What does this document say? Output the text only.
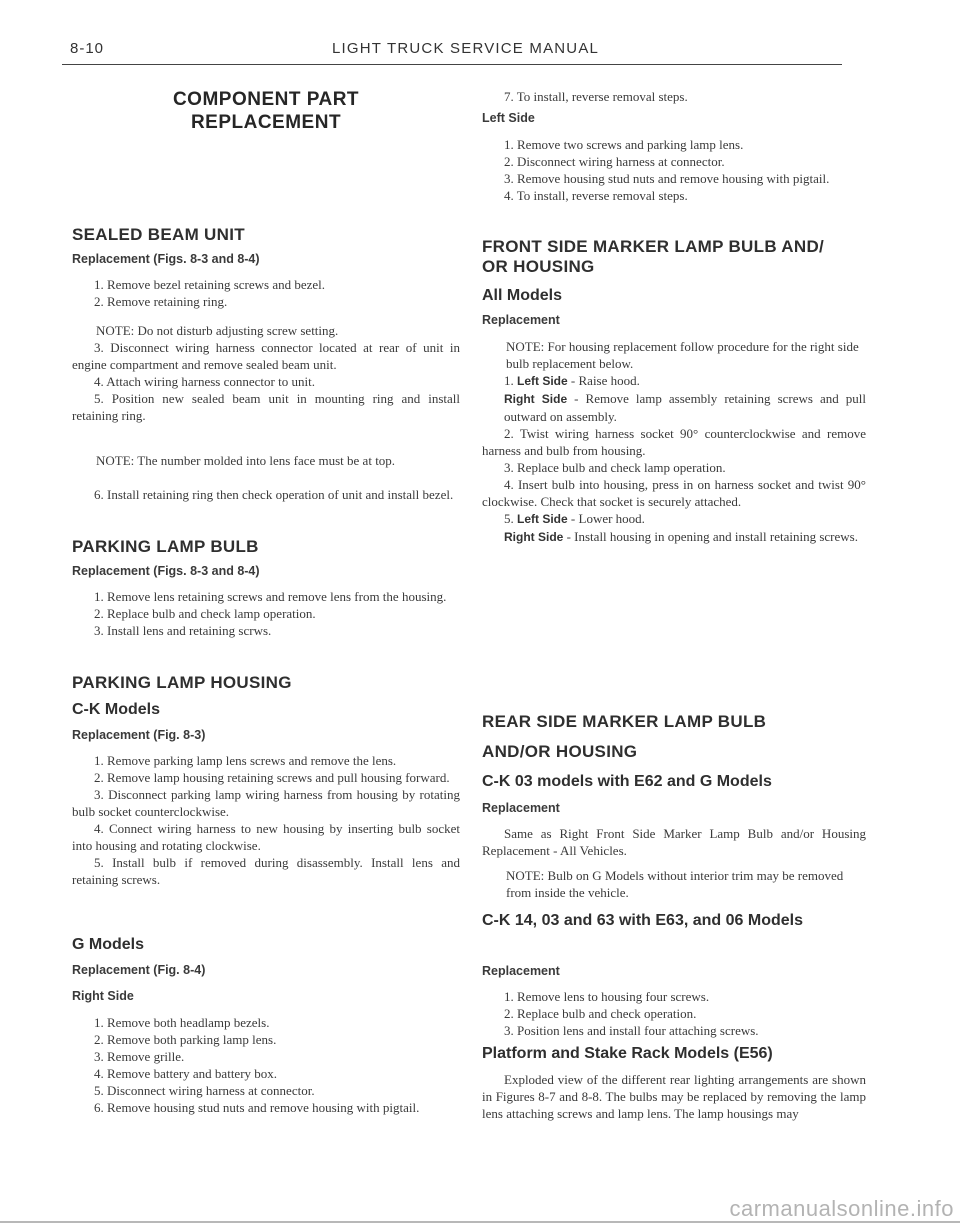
8-10	LIGHT TRUCK SERVICE MANUAL
COMPONENT PART
REPLACEMENT
SEALED BEAM UNIT
Replacement (Figs. 8-3 and 8-4)

1. Remove bezel retaining screws and bezel.

2. Remove retaining ring.

NOTE: Do not disturb adjusting screw setting.

3. Disconnect wiring harness connector located at rear of unit in engine compartment and remove sealed beam unit.

4. Attach wiring harness connector to unit.

5. Position new sealed beam unit in mounting ring and install retaining ring.

NOTE: The number molded into lens face must be at top.

6. Install retaining ring then check operation of unit and install bezel.

PARKING LAMP BULB
Replacement (Figs. 8-3 and 8-4)

1. Remove lens retaining screws and remove lens from the housing.

2. Replace bulb and check lamp operation.

3. Install lens and retaining scrws.

PARKING LAMP HOUSING
C-K Models
Replacement (Fig. 8-3)

1. Remove parking lamp lens screws and remove the lens.

2. Remove lamp housing retaining screws and pull housing forward.

3. Disconnect parking lamp wiring harness from housing by rotating bulb socket counterclockwise.

4. Connect wiring harness to new housing by inserting bulb socket into housing and rotating clockwise.

5. Install bulb if removed during disassembly. Install lens and retaining screws.

G Models
Replacement (Fig. 8-4)
Right Side

1. Remove both headlamp bezels.

2. Remove both parking lamp lens.

3. Remove grille.

4. Remove battery and battery box.

5. Disconnect wiring harness at connector.

6. Remove housing stud nuts and remove housing with pigtail.

7. To install, reverse removal steps.

Left Side

1. Remove two screws and parking lamp lens.

2. Disconnect wiring harness at connector.

3. Remove housing stud nuts and remove housing with pigtail.

4. To install, reverse removal steps.

FRONT SIDE MARKER LAMP BULB AND/
OR HOUSING
All Models
Replacement

NOTE: For housing replacement follow procedure for the right side bulb replacement below.

1. Left Side - Raise hood.

Right Side - Remove lamp assembly retaining screws and pull outward on assembly.

2. Twist wiring harness socket 90° counterclockwise and remove harness and bulb from housing.

3. Replace bulb and check lamp operation.

4. Insert bulb into housing, press in on harness socket and twist 90° clockwise. Check that socket is securely attached.

5. Left Side - Lower hood.

Right Side - Install housing in opening and install retaining screws.

REAR SIDE MARKER LAMP BULB
AND/OR HOUSING
C-K 03 models with E62 and G Models
Replacement

Same as Right Front Side Marker Lamp Bulb and/or Housing Replacement - All Vehicles.

NOTE: Bulb on G Models without interior trim may be removed from inside the vehicle.

C-K 14, 03 and 63 with E63, and 06 Models
Replacement

1. Remove lens to housing four screws.

2. Replace bulb and check operation.

3. Position lens and install four attaching screws.

Platform and Stake Rack Models (E56)

Exploded view of the different rear lighting arrangements are shown in Figures 8-7 and 8-8. The bulbs may be replaced by removing the lamp lens attaching screws and lamp lens. The lamp housings may

carmanualsonline.info
